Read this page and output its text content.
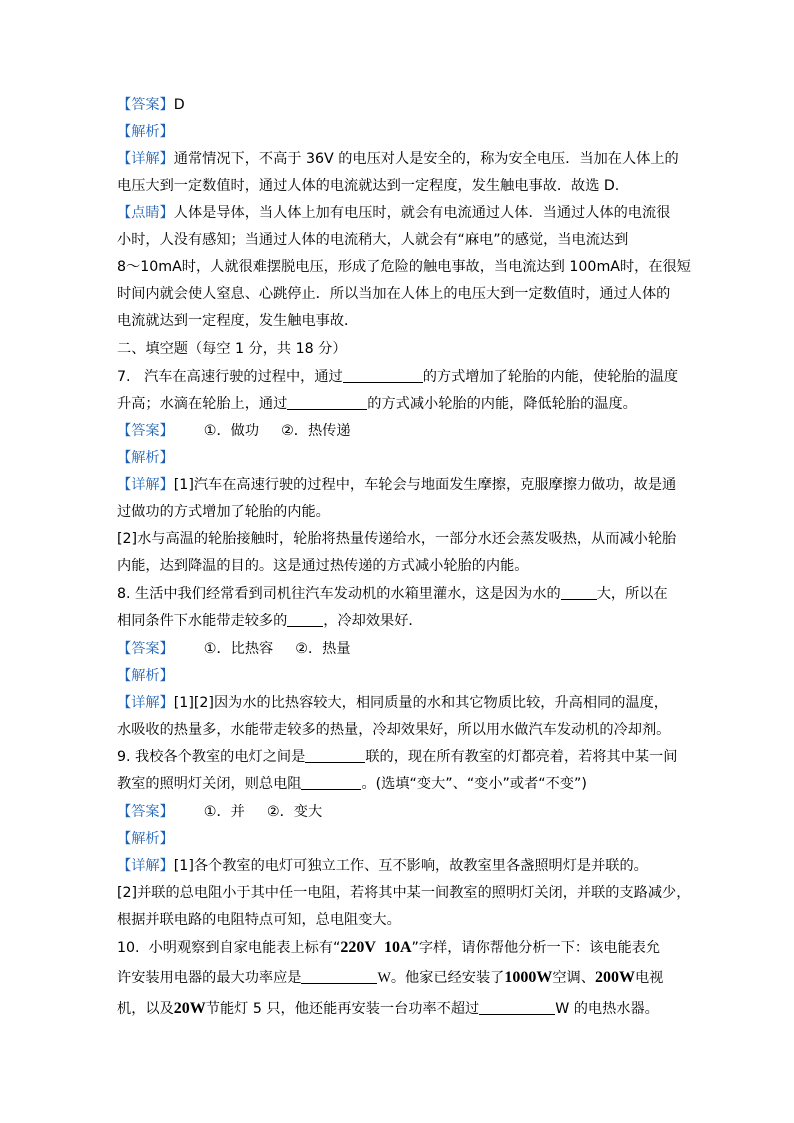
【答案】D
【解析】
【详解】通常情况下，不高于 36V 的电压对人是安全的，称为安全电压．当加在人体上的
电压大到一定数值时，通过人体的电流就达到一定程度，发生触电事故．故选 D.
【点睛】人体是导体，当人体上加有电压时，就会有电流通过人体．当通过人体的电流很
小时，人没有感知；当通过人体的电流稍大，人就会有“麻电”的感觉，当电流达到
8～10mA时，人就很难摆脱电压，形成了危险的触电事故，当电流达到 100mA时，在很短
时间内就会使人窒息、心跳停止．所以当加在人体上的电压大到一定数值时，通过人体的
电流就达到一定程度，发生触电事故．
二、填空题（每空 1 分，共 18 分）
7.   汽车在高速行驶的过程中，通过	的方式增加了轮胎的内能，使轮胎的温度
升高；水滴在轮胎上，通过	的方式减小轮胎的内能，降低轮胎的温度。
【答案】 ①．做功 ②．热传递
【解析】
【详解】[1]汽车在高速行驶的过程中，车轮会与地面发生摩擦，克服摩擦力做功，故是通
过做功的方式增加了轮胎的内能。
[2]水与高温的轮胎接触时，轮胎将热量传递给水，一部分水还会蒸发吸热，从而减小轮胎
内能，达到降温的目的。这是通过热传递的方式减小轮胎的内能。
8. 生活中我们经常看到司机往汽车发动机的水箱里灌水，这是因为水的	大，所以在
相同条件下水能带走较多的	，冷却效果好．
【答案】 ①．比热容 ②．热量
【解析】
【详解】[1][2]因为水的比热容较大，相同质量的水和其它物质比较，升高相同的温度，
水吸收的热量多，水能带走较多的热量，冷却效果好，所以用水做汽车发动机的冷却剂。
9. 我校各个教室的电灯之间是	联的，现在所有教室的灯都亮着，若将其中某一间
教室的照明灯关闭，则总电阻	。(选填“变大”、“变小”或者“不变”)
【答案】 ①．并 ②．变大
【解析】
【详解】[1]各个教室的电灯可独立工作、互不影响，故教室里各盏照明灯是并联的。
[2]并联的总电阻小于其中任一电阻，若将其中某一间教室的照明灯关闭，并联的支路减少，
根据并联电路的电阻特点可知，总电阻变大。
10.  小明观察到自家电能表上标有“220V  10A”字样，请你帮他分析一下：该电能表允
许安装用电器的最大功率应是	W。他家已经安装了1000W空调、200W电视
机，以及20W节能灯 5 只，他还能再安装一台功率不超过	W 的电热水器。
